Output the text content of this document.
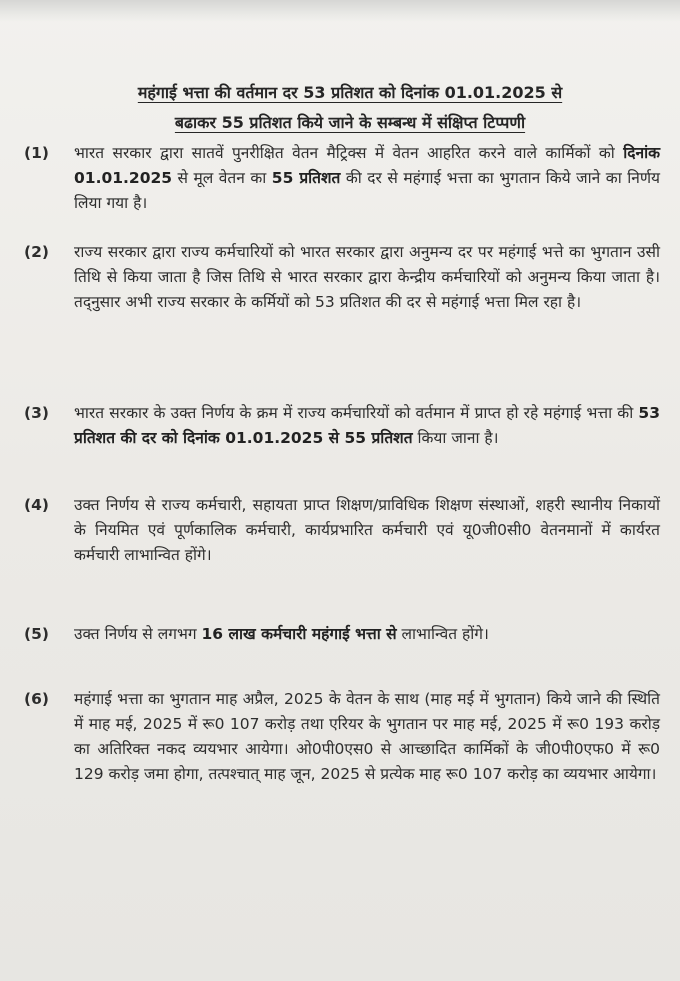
महंगाई भत्ता की वर्तमान दर 53 प्रतिशत को दिनांक 01.01.2025 से
बढाकर 55 प्रतिशत किये जाने के सम्बन्ध में संक्षिप्त टिप्पणी
(1)	भारत सरकार द्वारा सातवें पुनरीक्षित वेतन मैट्रिक्स में वेतन आहरित करने वाले कार्मिकों को दिनांक 01.01.2025 से मूल वेतन का 55 प्रतिशत की दर से महंगाई भत्ता का भुगतान किये जाने का निर्णय लिया गया है।
(2)	राज्य सरकार द्वारा राज्य कर्मचारियों को भारत सरकार द्वारा अनुमन्य दर पर महंगाई भत्ते का भुगतान उसी तिथि से किया जाता है जिस तिथि से भारत सरकार द्वारा केन्द्रीय कर्मचारियों को अनुमन्य किया जाता है। तद्नुसार अभी राज्य सरकार के कर्मियों को 53 प्रतिशत की दर से महंगाई भत्ता मिल रहा है।
(3)	भारत सरकार के उक्त निर्णय के क्रम में राज्य कर्मचारियों को वर्तमान में प्राप्त हो रहे महंगाई भत्ता की 53 प्रतिशत की दर को दिनांक 01.01.2025 से 55 प्रतिशत किया जाना है।
(4)	उक्त निर्णय से राज्य कर्मचारी, सहायता प्राप्त शिक्षण/प्राविधिक शिक्षण संस्थाओं, शहरी स्थानीय निकायों के नियमित एवं पूर्णकालिक कर्मचारी, कार्यप्रभारित कर्मचारी एवं यू0जी0सी0 वेतनमानों में कार्यरत कर्मचारी लाभान्वित होंगे।
(5)	उक्त निर्णय से लगभग 16 लाख कर्मचारी महंगाई भत्ता से लाभान्वित होंगे।
(6)	महंगाई भत्ता का भुगतान माह अप्रैल, 2025 के वेतन के साथ (माह मई में भुगतान) किये जाने की स्थिति में माह मई, 2025 में रू0 107 करोड़ तथा एरियर के भुगतान पर माह मई, 2025 में रू0 193 करोड़ का अतिरिक्त नकद व्ययभार आयेगा। ओ0पी0एस0 से आच्छादित कार्मिकों के जी0पी0एफ0 में रू0 129 करोड़ जमा होगा, तत्पश्चात् माह जून, 2025 से प्रत्येक माह रू0 107 करोड़ का व्ययभार आयेगा।
